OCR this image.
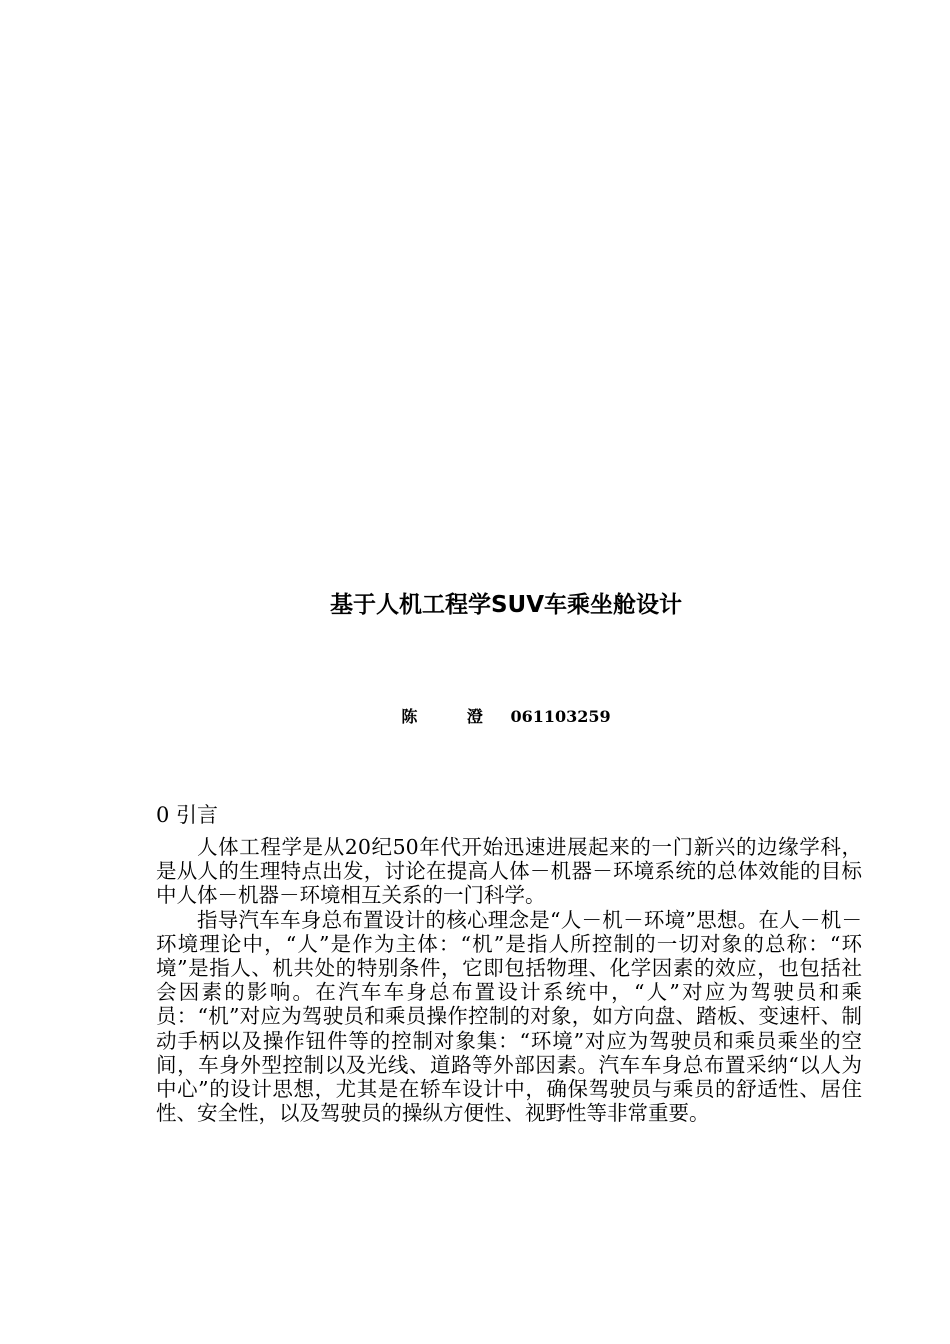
基于人机工程学SUV车乘坐舱设计
陈 澄 061103259
0 引言

人体工程学是从20纪50年代开始迅速进展起来的一门新兴的边缘学科，是从人的生理特点出发，讨论在提高人体－机器－环境系统的总体效能的目标中人体－机器－环境相互关系的一门科学。

指导汽车车身总布置设计的核心理念是“人－机－环境”思想。在人－机－环境理论中，“人”是作为主体：“机”是指人所控制的一切对象的总称：“环境”是指人、机共处的特别条件，它即包括物理、化学因素的效应，也包括社会因素的影响。在汽车车身总布置设计系统中，“人”对应为驾驶员和乘员：“机”对应为驾驶员和乘员操作控制的对象，如方向盘、踏板、变速杆、制动手柄以及操作钮件等的控制对象集：“环境”对应为驾驶员和乘员乘坐的空间，车身外型控制以及光线、道路等外部因素。汽车车身总布置采纳“以人为中心”的设计思想，尤其是在轿车设计中，确保驾驶员与乘员的舒适性、居住性、安全性，以及驾驶员的操纵方便性、视野性等非常重要。
